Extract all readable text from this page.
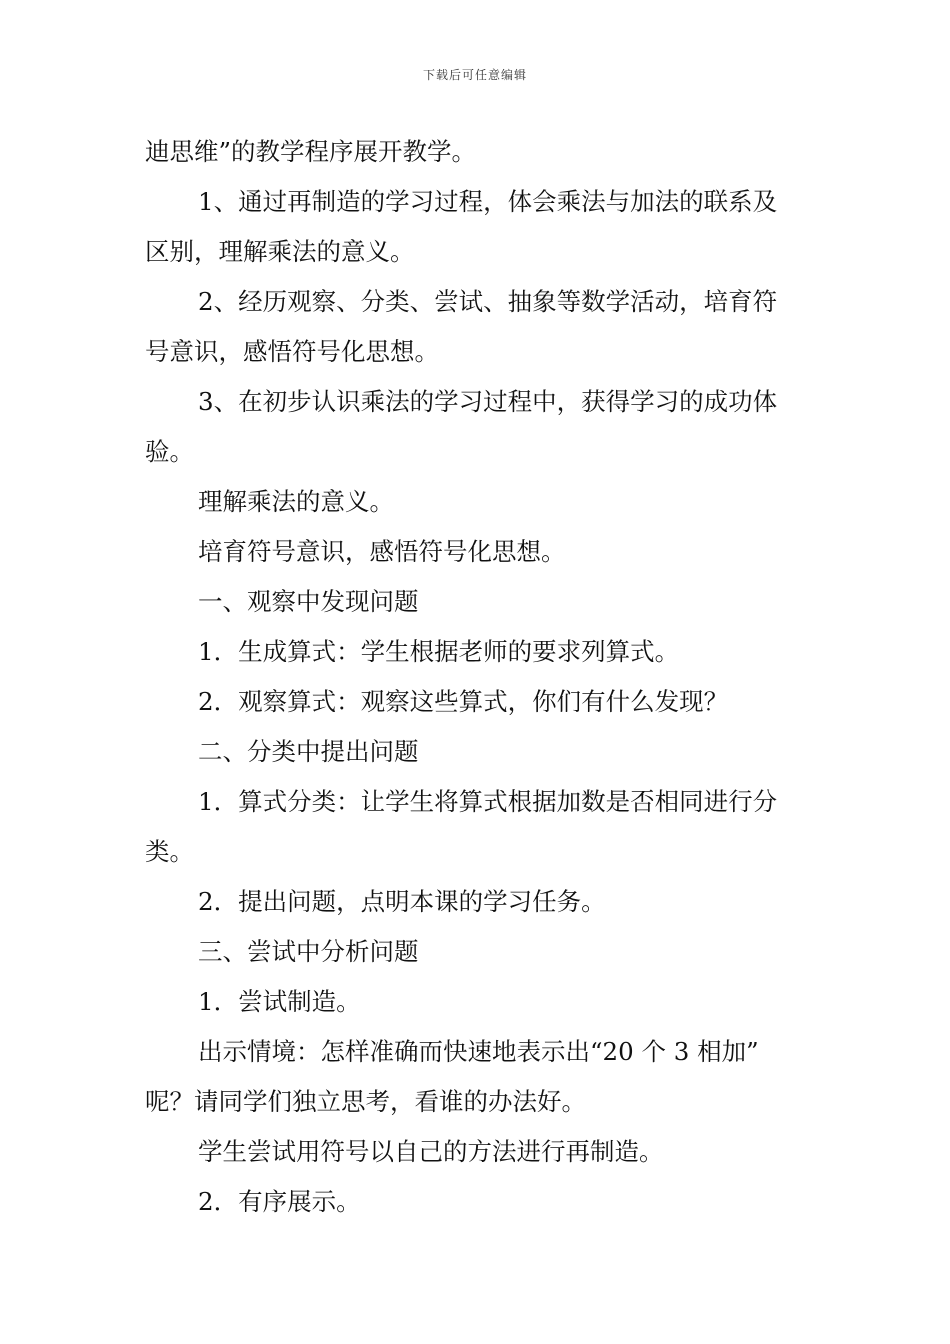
下载后可任意编辑

迪思维”的教学程序展开教学。

1、通过再制造的学习过程，体会乘法与加法的联系及

区别，理解乘法的意义。

2、经历观察、分类、尝试、抽象等数学活动，培育符

号意识，感悟符号化思想。

3、在初步认识乘法的学习过程中，获得学习的成功体

验。

理解乘法的意义。

培育符号意识，感悟符号化思想。

一、观察中发现问题

1．生成算式：学生根据老师的要求列算式。

2．观察算式：观察这些算式，你们有什么发现？

二、分类中提出问题

1．算式分类：让学生将算式根据加数是否相同进行分

类。

2．提出问题，点明本课的学习任务。

三、尝试中分析问题

1．尝试制造。

出示情境：怎样准确而快速地表示出“20 个 3 相加”

呢？请同学们独立思考，看谁的办法好。

学生尝试用符号以自己的方法进行再制造。

2．有序展示。
